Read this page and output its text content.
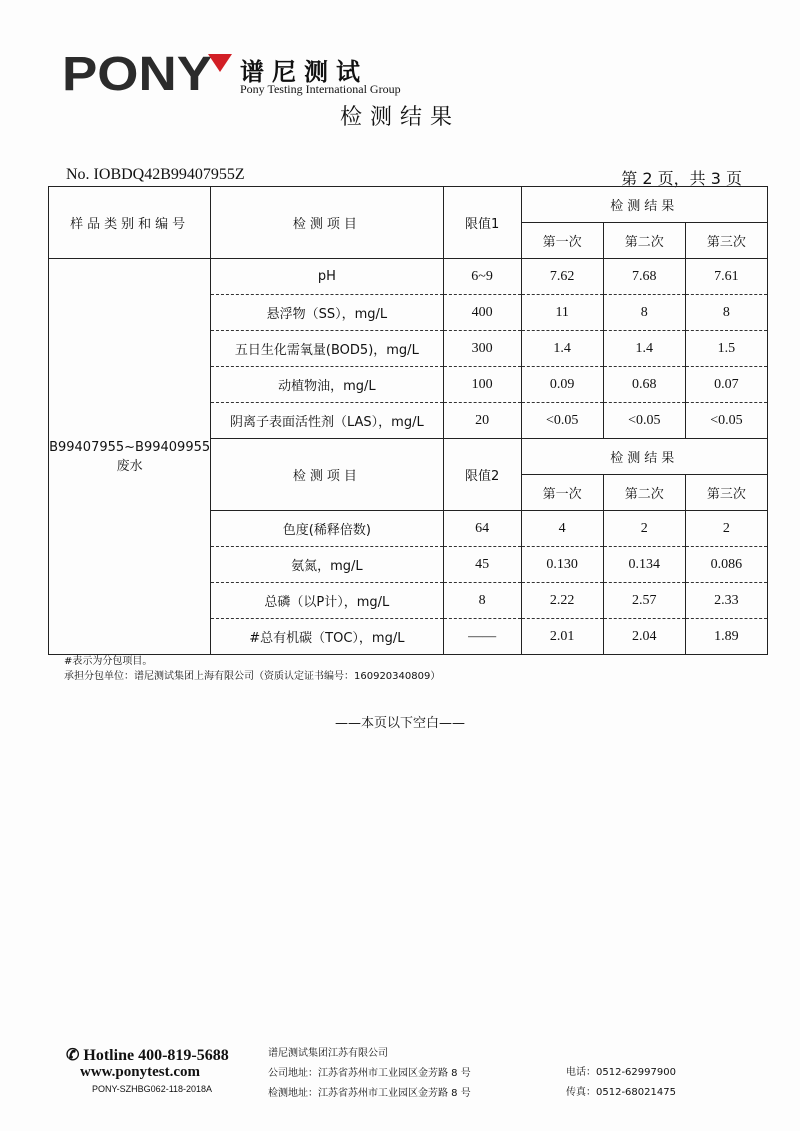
PONY 谱尼测试
Pony Testing International Group
检测结果
No. IOBDQ42B99407955Z	第 2 页，共 3 页
样品类别和编号	检测项目	限值1	检测结果		
			第一次	第二次	第三次

B99407955~B99409955
废水	pH	6~9	7.62	7.68	7.61
	悬浮物（SS），mg/L	400	11	8	8
	五日生化需氧量(BOD5)，mg/L	300	1.4	1.4	1.5
	动植物油，mg/L	100	0.09	0.68	0.07
	阴离子表面活性剂（LAS），mg/L	20	<0.05	<0.05	<0.05
	检测项目	限值2	检测结果		
			第一次	第二次	第三次
	色度(稀释倍数)	64	4	2	2
	氨氮，mg/L	45	0.130	0.134	0.086
	总磷（以P计），mg/L	8	2.22	2.57	2.33
	#总有机碳（TOC），mg/L	——	2.01	2.04	1.89
#表示为分包项目。
承担分包单位：谱尼测试集团上海有限公司（资质认定证书编号：160920340809）
——本页以下空白——
✆ Hotline 400-819-5688
www.ponytest.com
PONY-SZHBG062-118-2018A
谱尼测试集团江苏有限公司
公司地址：江苏省苏州市工业园区金芳路 8 号
检测地址：江苏省苏州市工业园区金芳路 8 号
电话：0512-62997900
传真：0512-68021475
